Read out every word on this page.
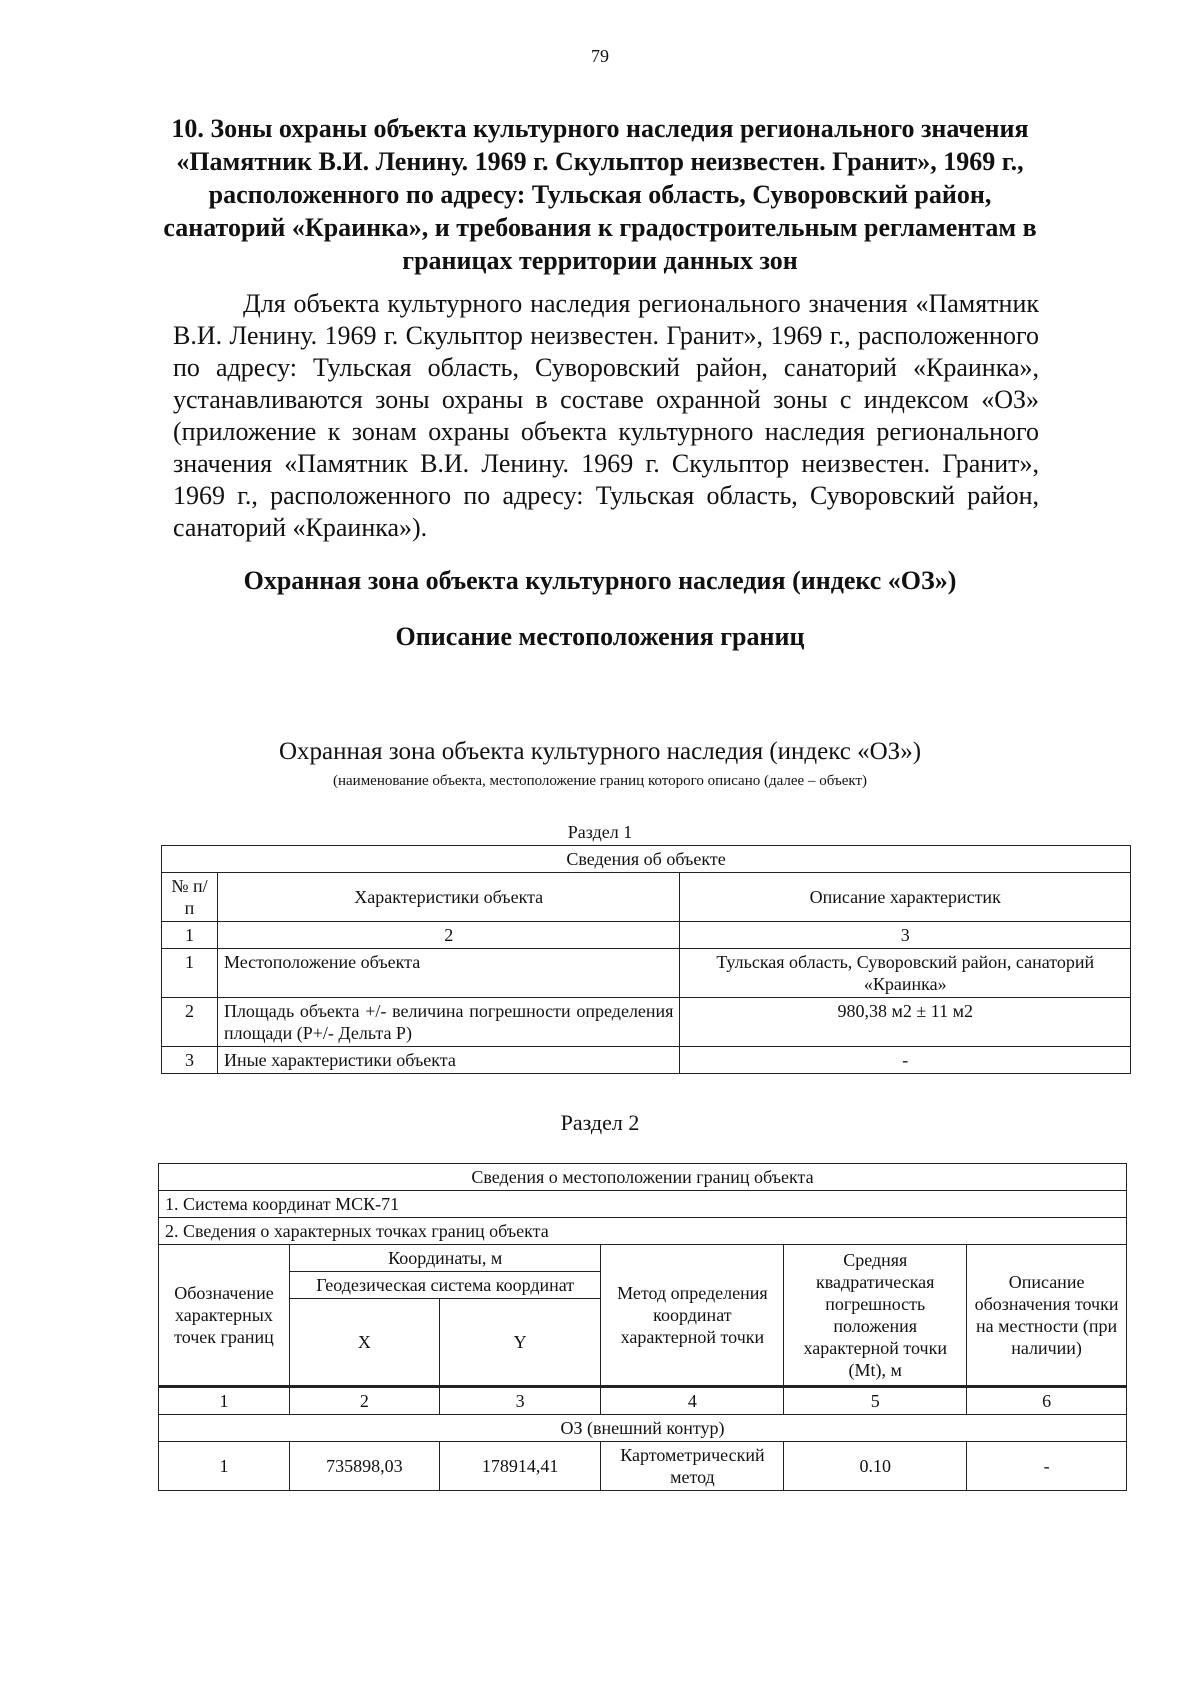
79
10. Зоны охраны объекта культурного наследия регионального значения «Памятник В.И. Ленину. 1969 г. Скульптор неизвестен. Гранит», 1969 г., расположенного по адресу: Тульская область, Суворовский район, санаторий «Краинка», и требования к градостроительным регламентам в границах территории данных зон

Для объекта культурного наследия регионального значения «Памятник В.И. Ленину. 1969 г. Скульптор неизвестен. Гранит», 1969 г., расположенного по адресу: Тульская область, Суворовский район, санаторий «Краинка», устанавливаются зоны охраны в составе охранной зоны с индексом «ОЗ» (приложение к зонам охраны объекта культурного наследия регионального значения «Памятник В.И. Ленину. 1969 г. Скульптор неизвестен. Гранит», 1969 г., расположенного по адресу: Тульская область, Суворовский район, санаторий «Краинка»).

Охранная зона объекта культурного наследия (индекс «ОЗ»)
Описание местоположения границ
Охранная зона объекта культурного наследия (индекс «ОЗ»)
(наименование объекта, местоположение границ которого описано (далее – объект)
Раздел 1
Сведения об объекте		
№ п/п	Характеристики объекта	Описание характеристик
1	2	3
1	Местоположение объекта	Тульская область, Суворовский район, санаторий «Краинка»
2	Площадь объекта +/- величина погрешности определения площади (Р+/- Дельта Р)	980,38 м2 ± 11 м2
3	Иные характеристики объекта	-
Раздел 2
Сведения о местоположении границ объекта					
1. Система координат МСК-71					
2. Сведения о характерных точках границ объекта					
Обозначение характерных точек границ	Координаты, м		Метод определения координат характерной точки	Средняя квадратическая погрешность положения характерной точки (Mt), м	Описание обозначения точки на местности (при наличии)
	Геодезическая система координат				
	X	Y			
1	2	3	4	5	6
ОЗ (внешний контур)					
1	735898,03	178914,41	Картометрический метод	0.10	-
